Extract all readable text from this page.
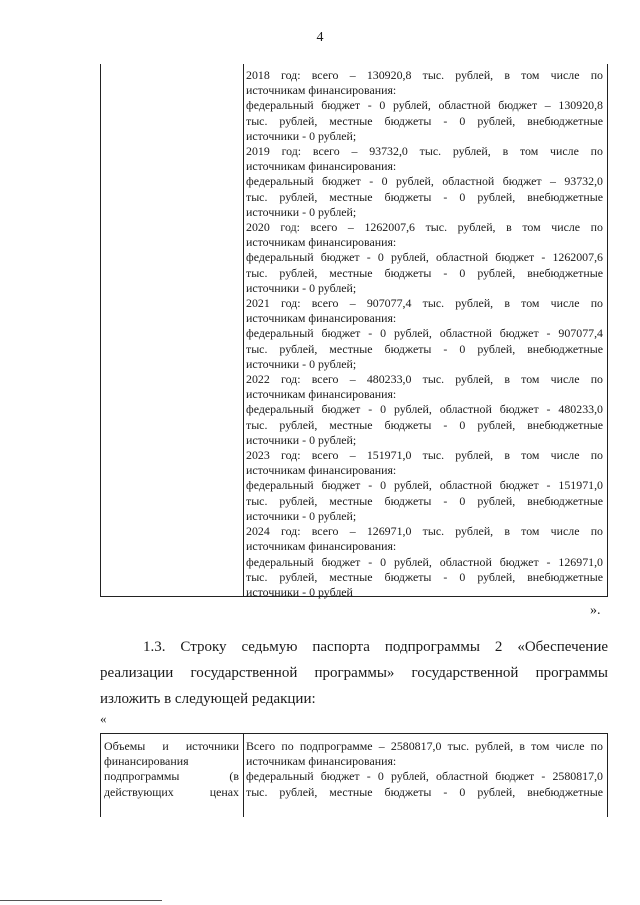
4
2018 год: всего – 130920,8 тыс. рублей, в том числе по
источникам финансирования:
федеральный бюджет - 0 рублей, областной бюджет – 130920,8
тыс. рублей, местные бюджеты - 0 рублей, внебюджетные
источники - 0 рублей;
2019 год: всего – 93732,0 тыс. рублей, в том числе по
источникам финансирования:
федеральный бюджет - 0 рублей, областной бюджет – 93732,0
тыс. рублей, местные бюджеты - 0 рублей, внебюджетные
источники - 0 рублей;
2020 год: всего – 1262007,6 тыс. рублей, в том числе по
источникам финансирования:
федеральный бюджет - 0 рублей, областной бюджет - 1262007,6
тыс. рублей, местные бюджеты - 0 рублей, внебюджетные
источники - 0 рублей;
2021 год: всего – 907077,4 тыс. рублей, в том числе по
источникам финансирования:
федеральный бюджет - 0 рублей, областной бюджет - 907077,4
тыс. рублей, местные бюджеты - 0 рублей, внебюджетные
источники - 0 рублей;
2022 год: всего – 480233,0 тыс. рублей, в том числе по
источникам финансирования:
федеральный бюджет - 0 рублей, областной бюджет - 480233,0
тыс. рублей, местные бюджеты - 0 рублей, внебюджетные
источники - 0 рублей;
2023 год: всего – 151971,0 тыс. рублей, в том числе по
источникам финансирования:
федеральный бюджет - 0 рублей, областной бюджет - 151971,0
тыс. рублей, местные бюджеты - 0 рублей, внебюджетные
источники - 0 рублей;
2024 год: всего – 126971,0 тыс. рублей, в том числе по
источникам финансирования:
федеральный бюджет - 0 рублей, областной бюджет - 126971,0
тыс. рублей, местные бюджеты - 0 рублей, внебюджетные
источники - 0 рублей
».
1.3. Строку седьмую паспорта подпрограммы 2 «Обеспечение
реализации государственной программы» государственной программы
изложить в следующей редакции:
«
Объемы и источники
финансирования
подпрограммы (в
действующих ценах
Всего по подпрограмме – 2580817,0 тыс. рублей, в том числе по
источникам финансирования:
федеральный бюджет - 0 рублей, областной бюджет - 2580817,0
тыс. рублей, местные бюджеты - 0 рублей, внебюджетные
